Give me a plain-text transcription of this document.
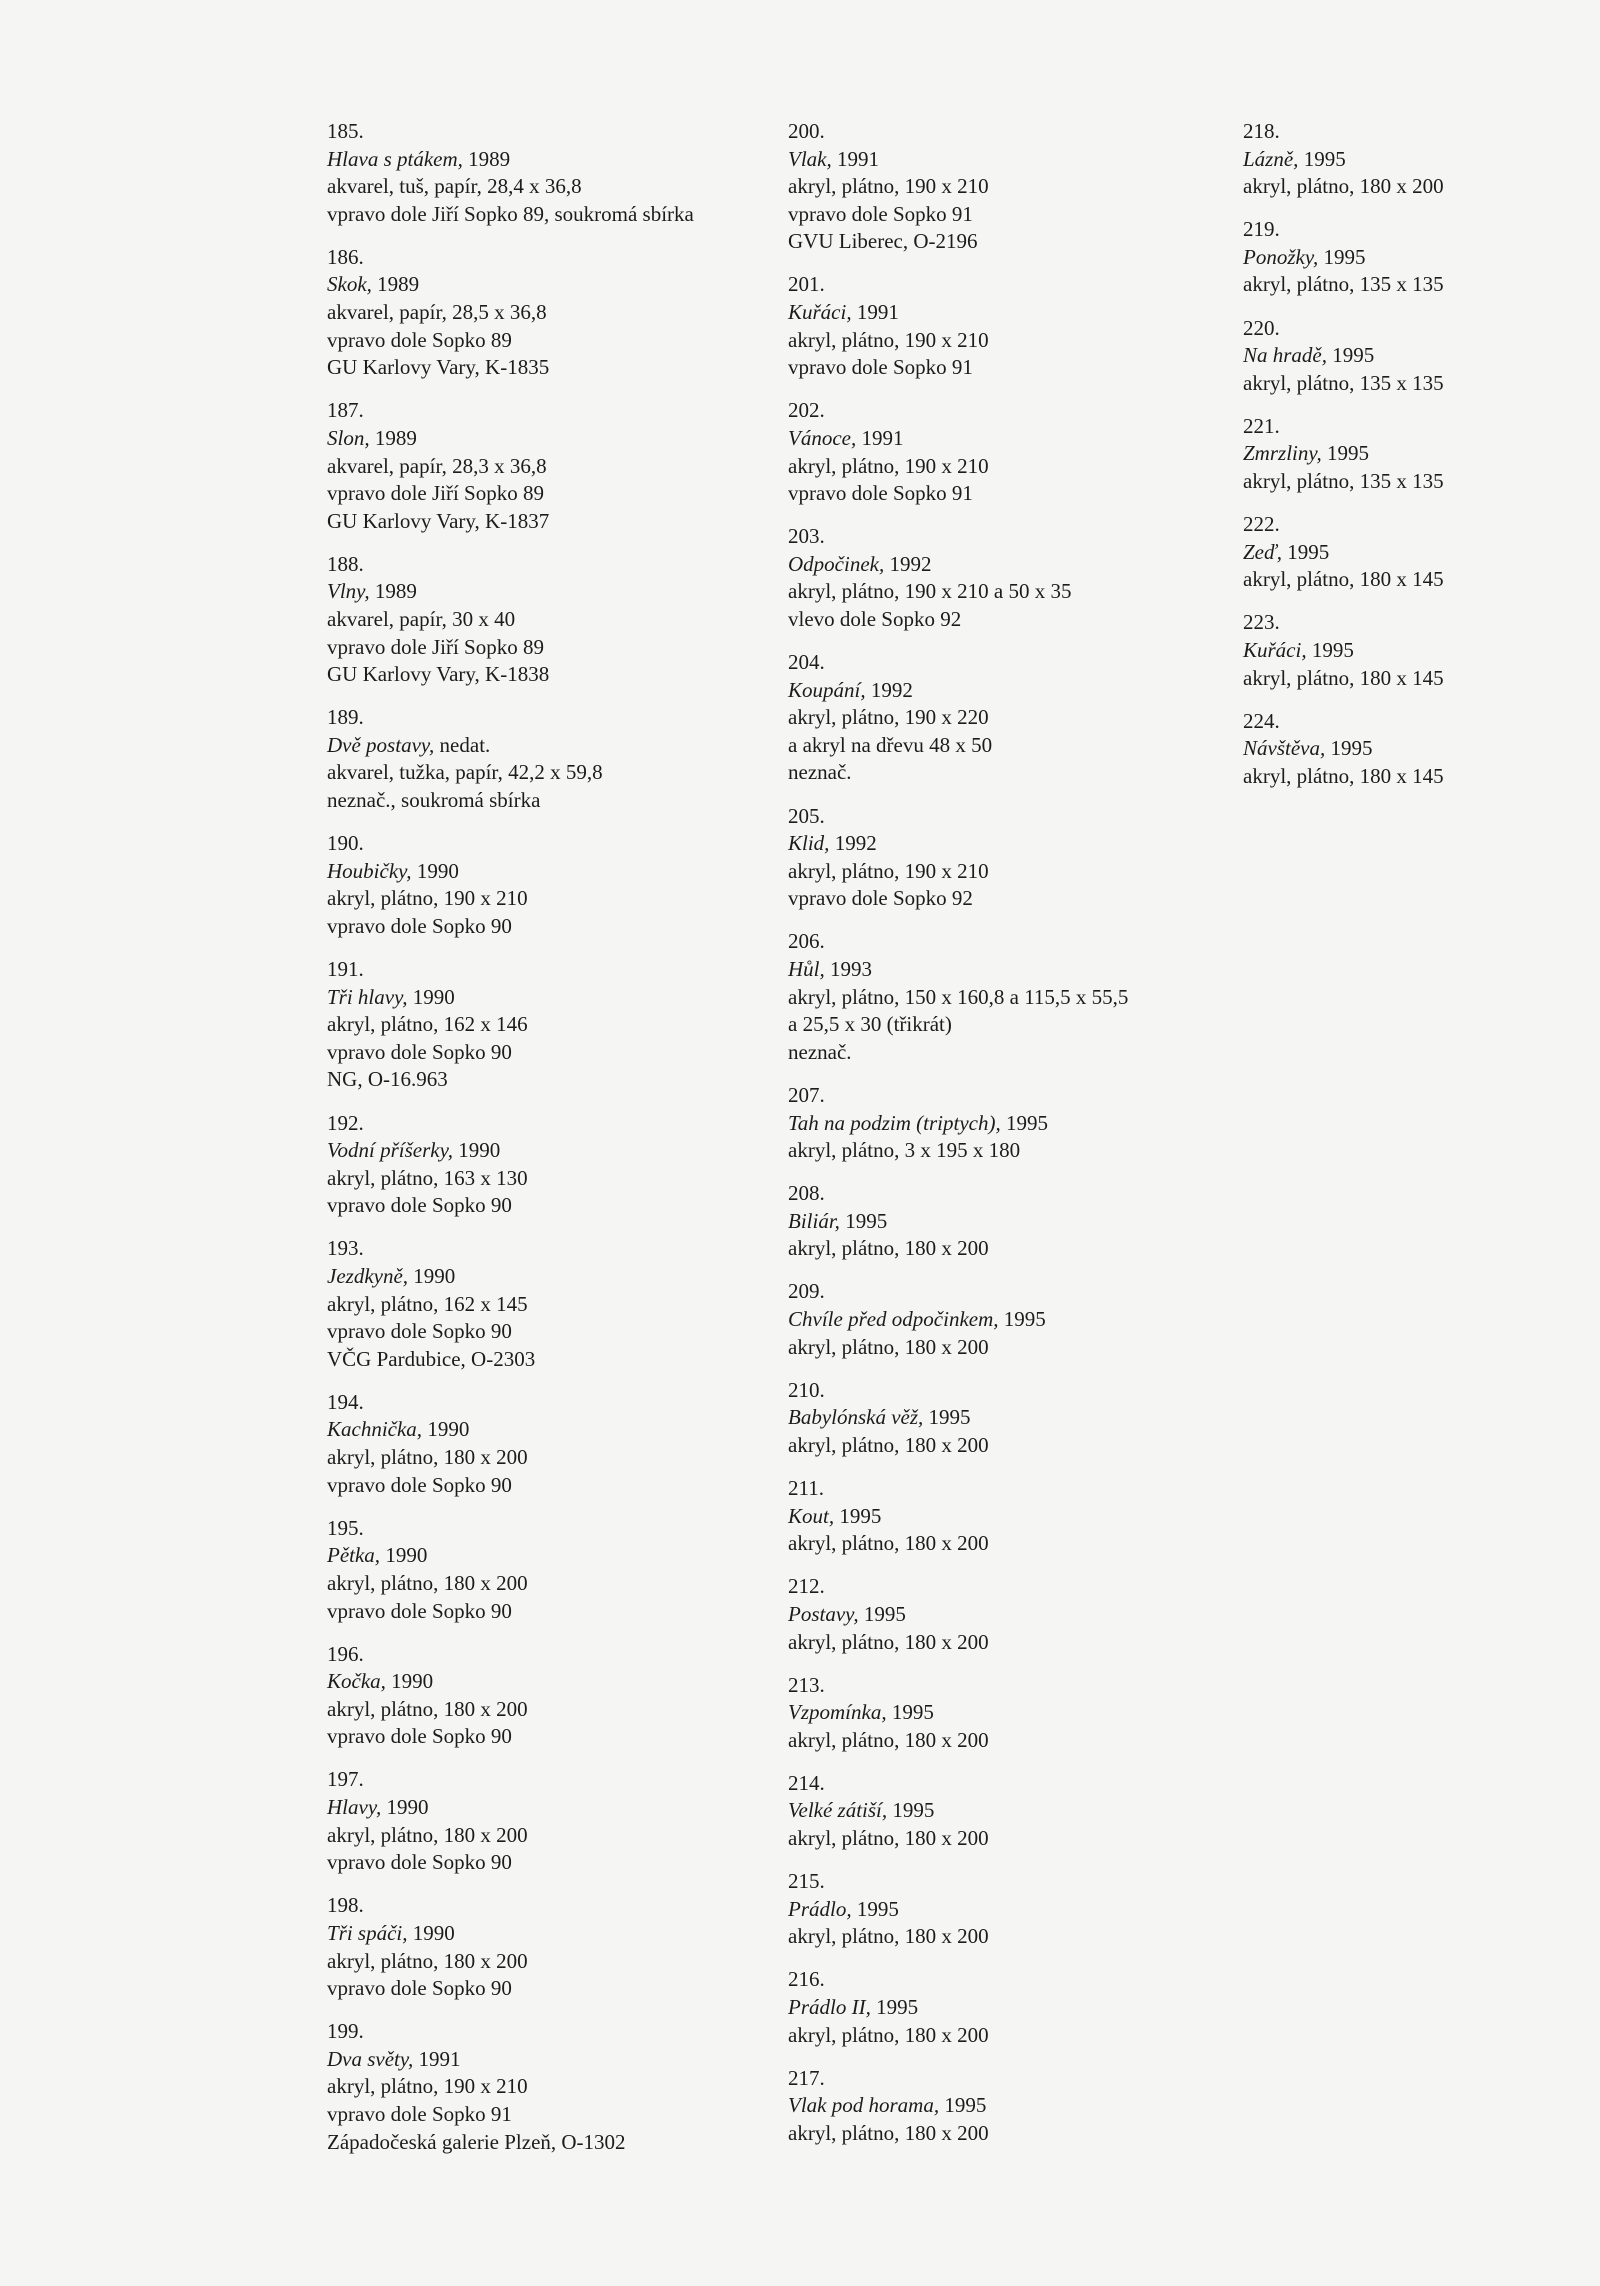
185.
Hlava s ptákem, 1989
akvarel, tuš, papír, 28,4 x 36,8
vpravo dole Jiří Sopko 89, soukromá sbírka
186.
Skok, 1989
akvarel, papír, 28,5 x 36,8
vpravo dole Sopko 89
GU Karlovy Vary, K-1835
187.
Slon, 1989
akvarel, papír, 28,3 x 36,8
vpravo dole Jiří Sopko 89
GU Karlovy Vary, K-1837
188.
Vlny, 1989
akvarel, papír, 30 x 40
vpravo dole Jiří Sopko 89
GU Karlovy Vary, K-1838
189.
Dvě postavy, nedat.
akvarel, tužka, papír, 42,2 x 59,8
neznač., soukromá sbírka
190.
Houbičky, 1990
akryl, plátno, 190 x 210
vpravo dole Sopko 90
191.
Tři hlavy, 1990
akryl, plátno, 162 x 146
vpravo dole Sopko 90
NG, O-16.963
192.
Vodní příšerky, 1990
akryl, plátno, 163 x 130
vpravo dole Sopko 90
193.
Jezdkyně, 1990
akryl, plátno, 162 x 145
vpravo dole Sopko 90
VČG Pardubice, O-2303
194.
Kachnička, 1990
akryl, plátno, 180 x 200
vpravo dole Sopko 90
195.
Pětka, 1990
akryl, plátno, 180 x 200
vpravo dole Sopko 90
196.
Kočka, 1990
akryl, plátno, 180 x 200
vpravo dole Sopko 90
197.
Hlavy, 1990
akryl, plátno, 180 x 200
vpravo dole Sopko 90
198.
Tři spáči, 1990
akryl, plátno, 180 x 200
vpravo dole Sopko 90
199.
Dva světy, 1991
akryl, plátno, 190 x 210
vpravo dole Sopko 91
Západočeská galerie Plzeň, O-1302
200.
Vlak, 1991
akryl, plátno, 190 x 210
vpravo dole Sopko 91
GVU Liberec, O-2196
201.
Kuřáci, 1991
akryl, plátno, 190 x 210
vpravo dole Sopko 91
202.
Vánoce, 1991
akryl, plátno, 190 x 210
vpravo dole Sopko 91
203.
Odpočinek, 1992
akryl, plátno, 190 x 210 a 50 x 35
vlevo dole Sopko 92
204.
Koupání, 1992
akryl, plátno, 190 x 220
a akryl na dřevu 48 x 50
neznač.
205.
Klid, 1992
akryl, plátno, 190 x 210
vpravo dole Sopko 92
206.
Hůl, 1993
akryl, plátno, 150 x 160,8 a 115,5 x 55,5
a 25,5 x 30 (třikrát)
neznač.
207.
Tah na podzim (triptych), 1995
akryl, plátno, 3 x 195 x 180
208.
Biliár, 1995
akryl, plátno, 180 x 200
209.
Chvíle před odpočinkem, 1995
akryl, plátno, 180 x 200
210.
Babylónská věž, 1995
akryl, plátno, 180 x 200
211.
Kout, 1995
akryl, plátno, 180 x 200
212.
Postavy, 1995
akryl, plátno, 180 x 200
213.
Vzpomínka, 1995
akryl, plátno, 180 x 200
214.
Velké zátiší, 1995
akryl, plátno, 180 x 200
215.
Prádlo, 1995
akryl, plátno, 180 x 200
216.
Prádlo II, 1995
akryl, plátno, 180 x 200
217.
Vlak pod horama, 1995
akryl, plátno, 180 x 200
218.
Lázně, 1995
akryl, plátno, 180 x 200
219.
Ponožky, 1995
akryl, plátno, 135 x 135
220.
Na hradě, 1995
akryl, plátno, 135 x 135
221.
Zmrzliny, 1995
akryl, plátno, 135 x 135
222.
Zeď, 1995
akryl, plátno, 180 x 145
223.
Kuřáci, 1995
akryl, plátno, 180 x 145
224.
Návštěva, 1995
akryl, plátno, 180 x 145
